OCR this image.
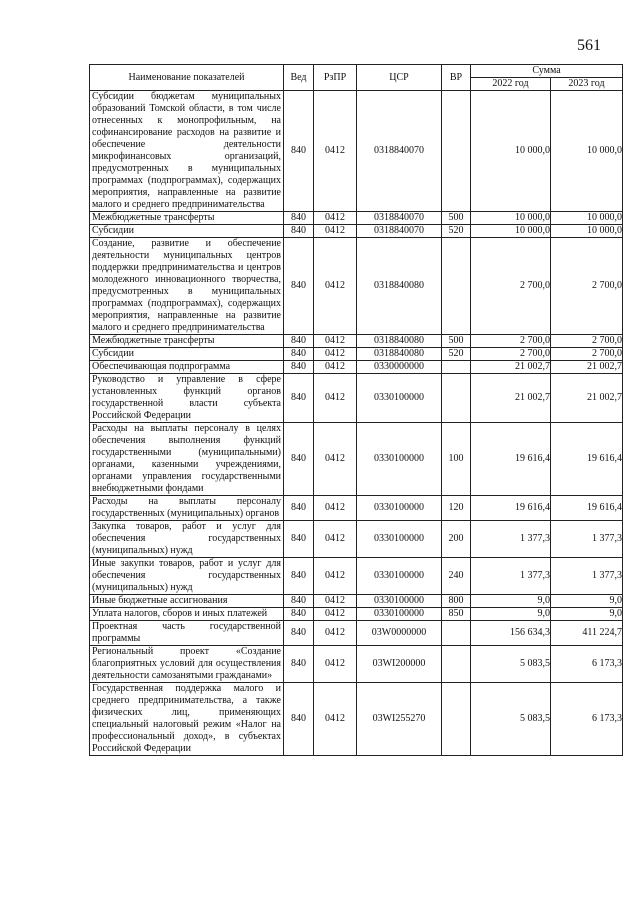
561
Наименование показателей	Вед	РзПР	ЦСР	ВР	Сумма	
					2022 год	2023 год
Субсидии бюджетам муниципальных образований Томской области, в том числе отнесенных к монопрофильным, на софинансирование расходов на развитие и обеспечение деятельности микрофинансовых организаций, предусмотренных в муниципальных программах (подпрограммах), содержащих мероприятия, направленные на развитие малого и среднего предпринимательства	840	0412	0318840070		10 000,0	10 000,0
Межбюджетные трансферты	840	0412	0318840070	500	10 000,0	10 000,0
Субсидии	840	0412	0318840070	520	10 000,0	10 000,0
Создание, развитие и обеспечение деятельности муниципальных центров поддержки предпринимательства и центров молодежного инновационного творчества, предусмотренных в муниципальных программах (подпрограммах), содержащих мероприятия, направленные на развитие малого и среднего предпринимательства	840	0412	0318840080		2 700,0	2 700,0
Межбюджетные трансферты	840	0412	0318840080	500	2 700,0	2 700,0
Субсидии	840	0412	0318840080	520	2 700,0	2 700,0
Обеспечивающая подпрограмма	840	0412	0330000000		21 002,7	21 002,7
Руководство и управление в сфере установленных функций органов государственной власти субъекта Российской Федерации	840	0412	0330100000		21 002,7	21 002,7
Расходы на выплаты персоналу в целях обеспечения выполнения функций государственными (муниципальными) органами, казенными учреждениями, органами управления государственными внебюджетными фондами	840	0412	0330100000	100	19 616,4	19 616,4
Расходы на выплаты персоналу государственных (муниципальных) органов	840	0412	0330100000	120	19 616,4	19 616,4
Закупка товаров, работ и услуг для обеспечения государственных (муниципальных) нужд	840	0412	0330100000	200	1 377,3	1 377,3
Иные закупки товаров, работ и услуг для обеспечения государственных (муниципальных) нужд	840	0412	0330100000	240	1 377,3	1 377,3
Иные бюджетные ассигнования	840	0412	0330100000	800	9,0	9,0
Уплата налогов, сборов и иных платежей	840	0412	0330100000	850	9,0	9,0
Проектная часть государственной программы	840	0412	03W0000000		156 634,3	411 224,7
Региональный проект «Создание благоприятных условий для осуществления деятельности самозанятыми гражданами»	840	0412	03WI200000		5 083,5	6 173,3
Государственная поддержка малого и среднего предпринимательства, а также физических лиц, применяющих специальный налоговый режим «Налог на профессиональный доход», в субъектах Российской Федерации	840	0412	03WI255270		5 083,5	6 173,3
